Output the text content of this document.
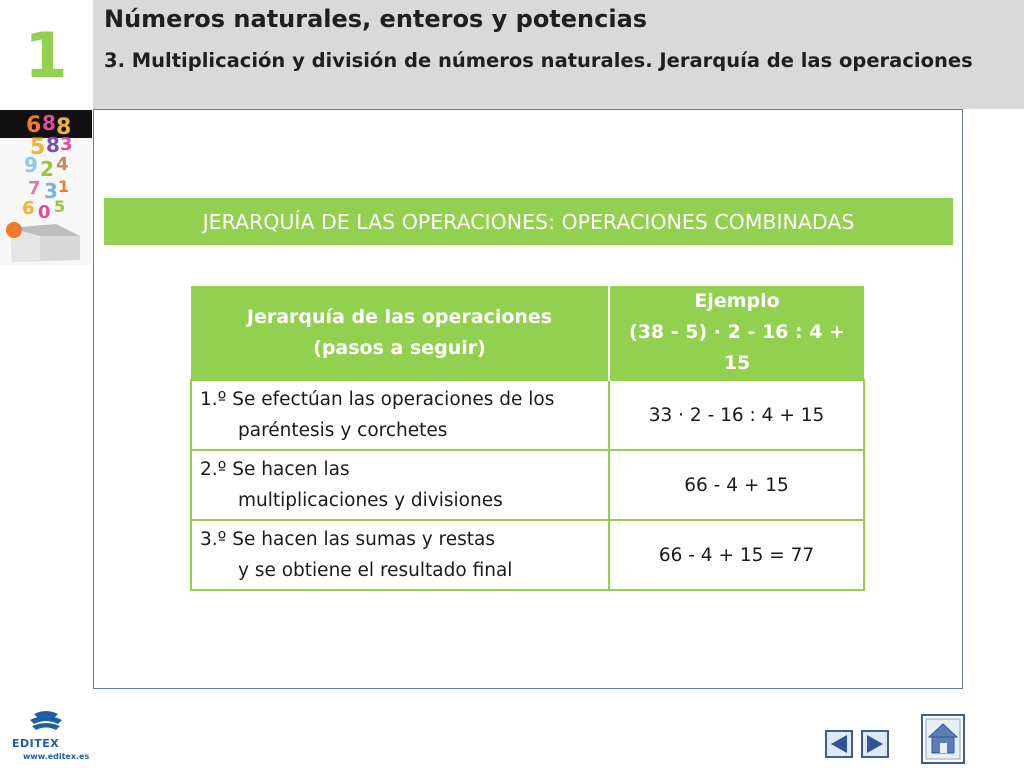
1	Números naturales, enteros y potencias
3. Multiplicación y división de números naturales. Jerarquía de las operaciones
6 8 8
5 8 3
9 2 4
7 3 1
6 0 5
JERARQUÍA DE LAS OPERACIONES: OPERACIONES COMBINADAS
Jerarquía de las operaciones
(pasos a seguir)	Ejemplo
(38 - 5) · 2 - 16 : 4 + 15
1.º Se efectúan las operaciones de los
paréntesis y corchetes	33 · 2 - 16 : 4 + 15
2.º Se hacen las
multiplicaciones y divisiones	66 - 4 + 15
3.º Se hacen las sumas y restas
y se obtiene el resultado final	66 - 4 + 15 = 77
EDITEX
www.editex.es
